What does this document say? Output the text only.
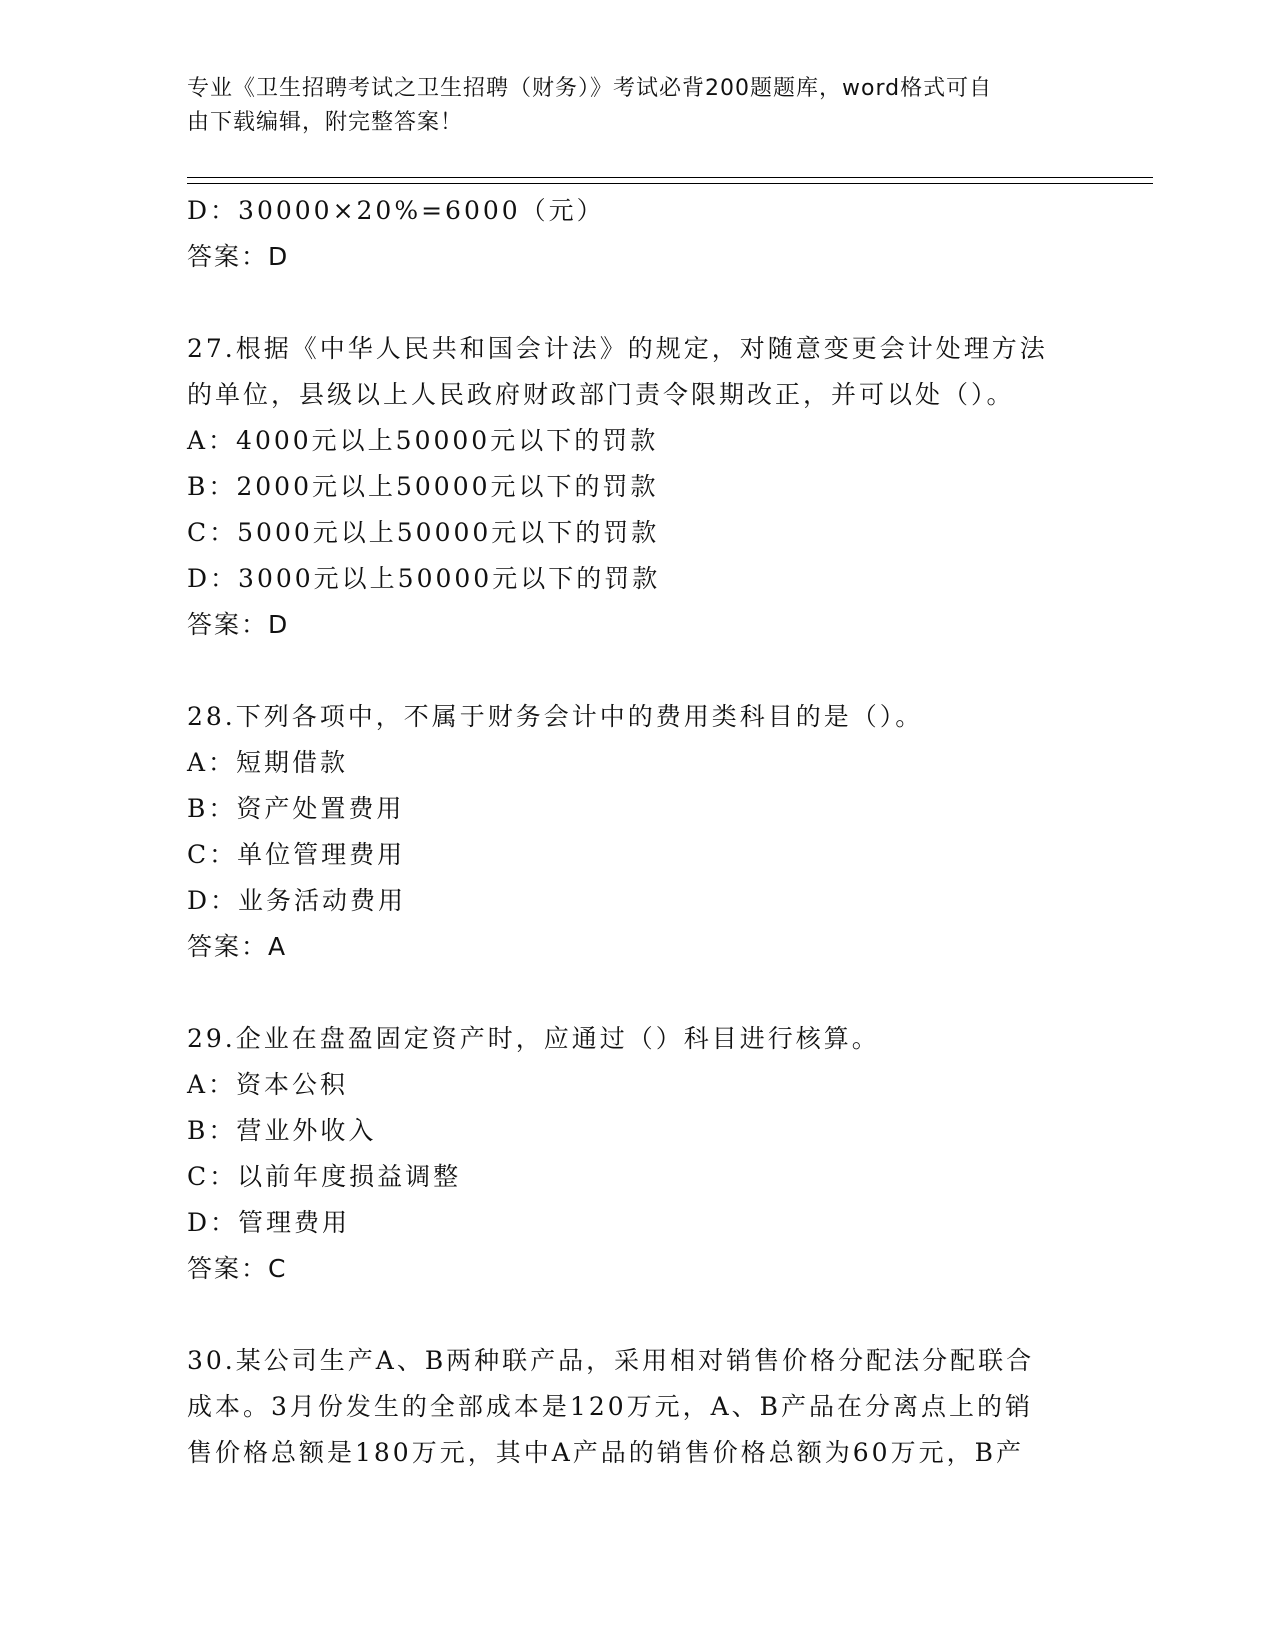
专业《卫生招聘考试之卫生招聘（财务）》考试必背200题题库，word格式可自
由下载编辑，附完整答案！
D：30000×20%=6000（元）
答案：D
27.根据《中华人民共和国会计法》的规定，对随意变更会计处理方法
的单位，县级以上人民政府财政部门责令限期改正，并可以处（）。
A：4000元以上50000元以下的罚款
B：2000元以上50000元以下的罚款
C：5000元以上50000元以下的罚款
D：3000元以上50000元以下的罚款
答案：D
28.下列各项中，不属于财务会计中的费用类科目的是（）。
A：短期借款
B：资产处置费用
C：单位管理费用
D：业务活动费用
答案：A
29.企业在盘盈固定资产时，应通过（）科目进行核算。
A：资本公积
B：营业外收入
C：以前年度损益调整
D：管理费用
答案：C
30.某公司生产A、B两种联产品，采用相对销售价格分配法分配联合
成本。3月份发生的全部成本是120万元，A、B产品在分离点上的销
售价格总额是180万元，其中A产品的销售价格总额为60万元，B产
